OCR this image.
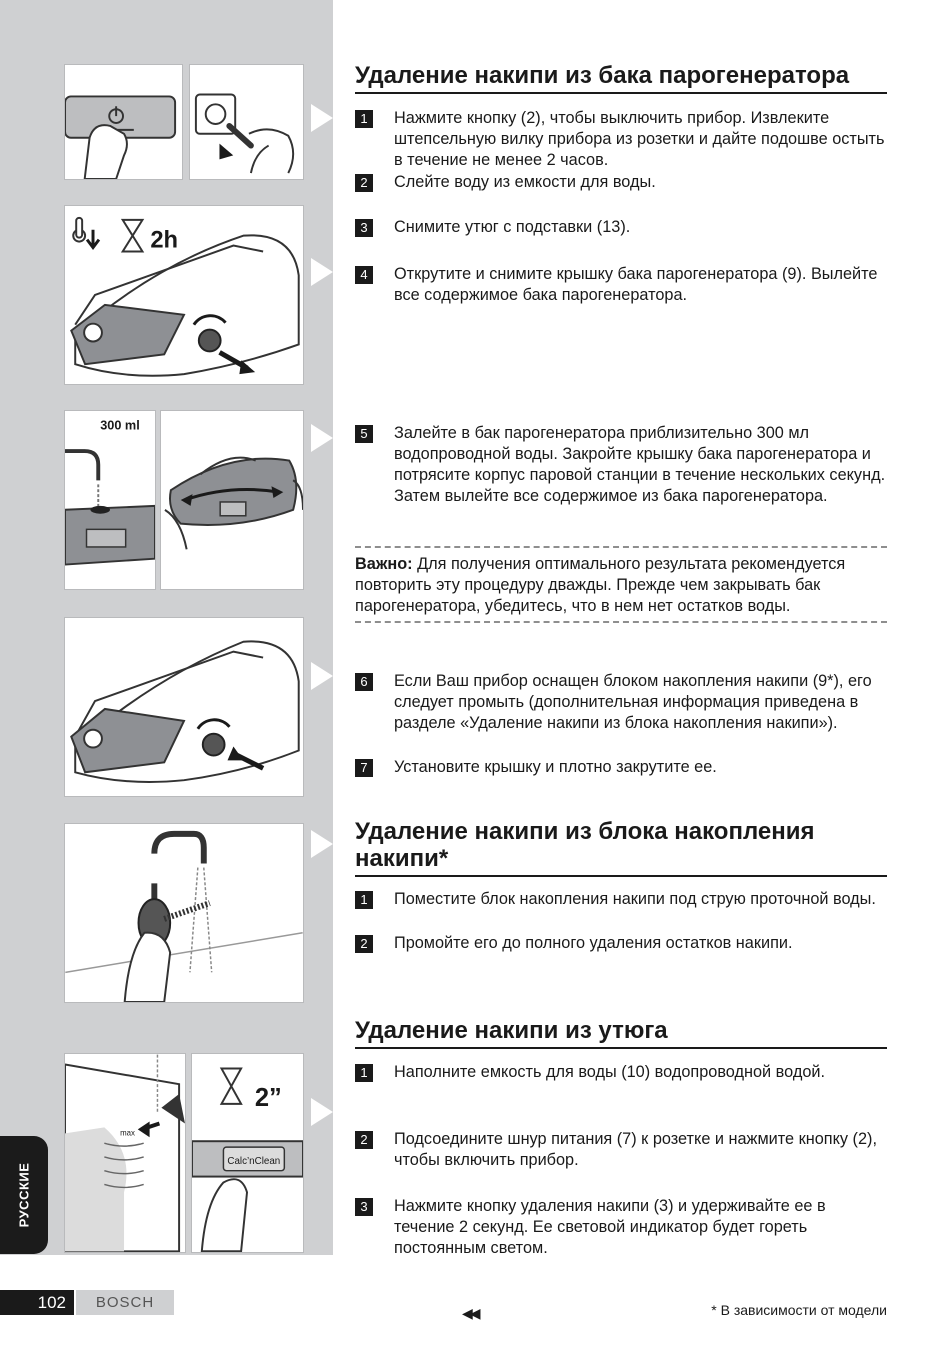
РУССКИЕ
2h
300 ml
max
2”
Calc’nClean
Удаление накипи из бака парогенератора
1	Нажмите кнопку (2), чтобы выключить прибор. Извлеките штепсельную вилку прибора из розетки и дайте подошве остыть в течение не менее 2 часов.
2	Слейте воду из емкости для воды.
3	Снимите утюг с подставки (13).
4	Открутите и снимите крышку бака парогенератора (9). Вылейте все содержимое бака парогенератора.
5	Залейте в бак парогенератора приблизительно 300 мл водопроводной воды. Закройте крышку бака парогенератора и потрясите корпус паровой станции в течение нескольких секунд. Затем вылейте все содержимое из бака парогенератора.
Важно: Для получения оптимального результата рекомендуется повторить эту процедуру дважды. Прежде чем закрывать бак парогенератора, убедитесь, что в нем нет остатков воды.
6	Если Ваш прибор оснащен блоком накопления накипи (9*), его следует промыть (дополнительная информация приведена в разделе «Удаление накипи из блока накопления накипи»).
7	Установите крышку и плотно закрутите ее.
Удаление накипи из блока накопления накипи*
1	Поместите блок накопления накипи под струю проточной воды.
2	Промойте его до полного удаления остатков накипи.
Удаление накипи из утюга
1	Наполните емкость для воды (10) водопроводной водой.
2	Подсоедините шнур питания (7) к розетке и нажмите кнопку (2), чтобы включить прибор.
3	Нажмите кнопку удаления накипи (3) и удерживайте ее в течение 2 секунд. Ее световой индикатор будет гореть постоянным светом.
102	BOSCH
◀◀	* В зависимости от модели
